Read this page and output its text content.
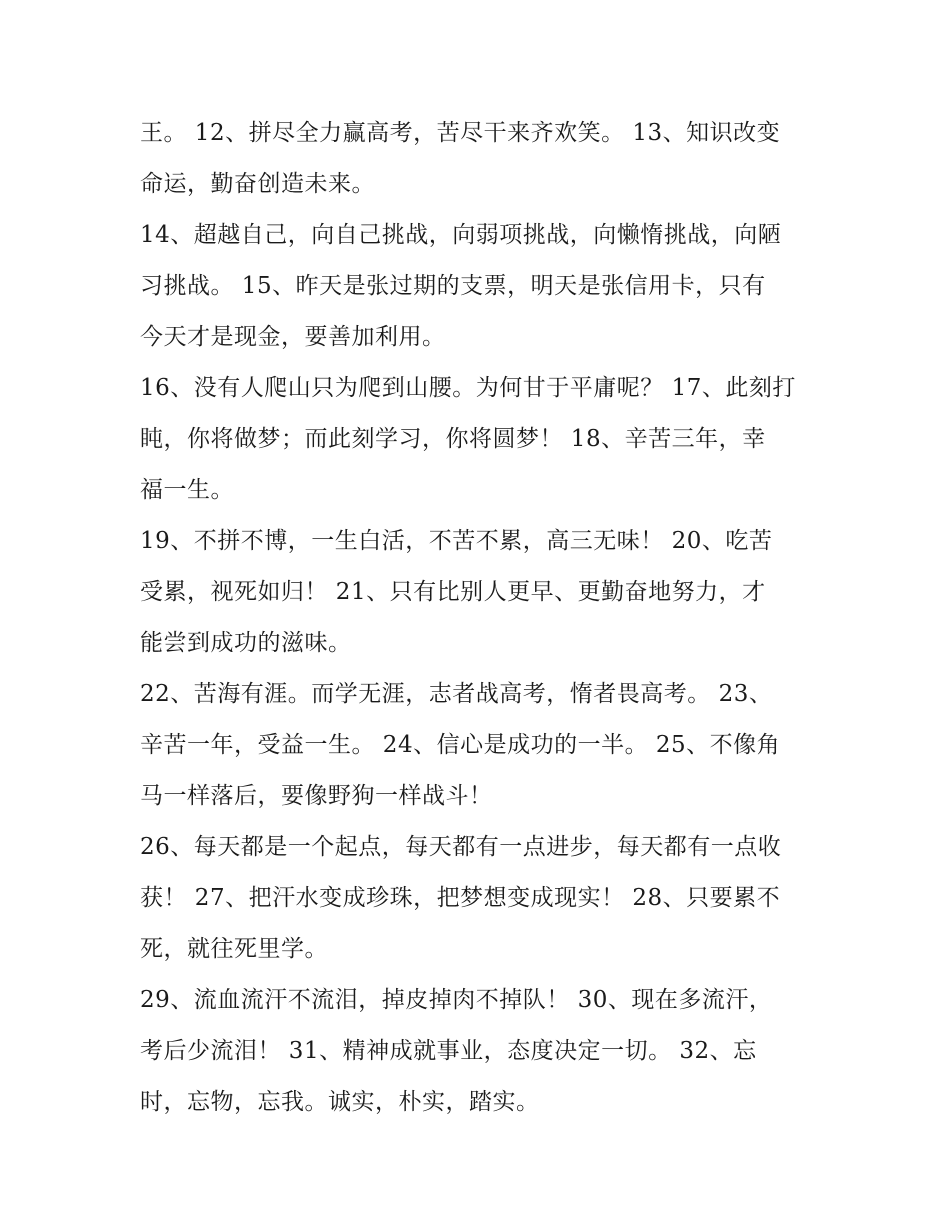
王。 12、拼尽全力赢高考，苦尽干来齐欢笑。 13、知识改变
命运，勤奋创造未来。
14、超越自己，向自己挑战，向弱项挑战，向懒惰挑战，向陋
习挑战。 15、昨天是张过期的支票，明天是张信用卡，只有
今天才是现金，要善加利用。
16、没有人爬山只为爬到山腰。为何甘于平庸呢？ 17、此刻打
盹，你将做梦；而此刻学习，你将圆梦！ 18、辛苦三年，幸
福一生。
19、不拼不博，一生白活，不苦不累，高三无味！ 20、吃苦
受累，视死如归！ 21、只有比别人更早、更勤奋地努力，才
能尝到成功的滋味。
22、苦海有涯。而学无涯，志者战高考，惰者畏高考。 23、
辛苦一年，受益一生。 24、信心是成功的一半。 25、不像角
马一样落后，要像野狗一样战斗！
26、每天都是一个起点，每天都有一点进步，每天都有一点收
获！ 27、把汗水变成珍珠，把梦想变成现实！ 28、只要累不
死，就往死里学。
29、流血流汗不流泪，掉皮掉肉不掉队！ 30、现在多流汗，
考后少流泪！ 31、精神成就事业，态度决定一切。 32、忘
时，忘物，忘我。诚实，朴实，踏实。
